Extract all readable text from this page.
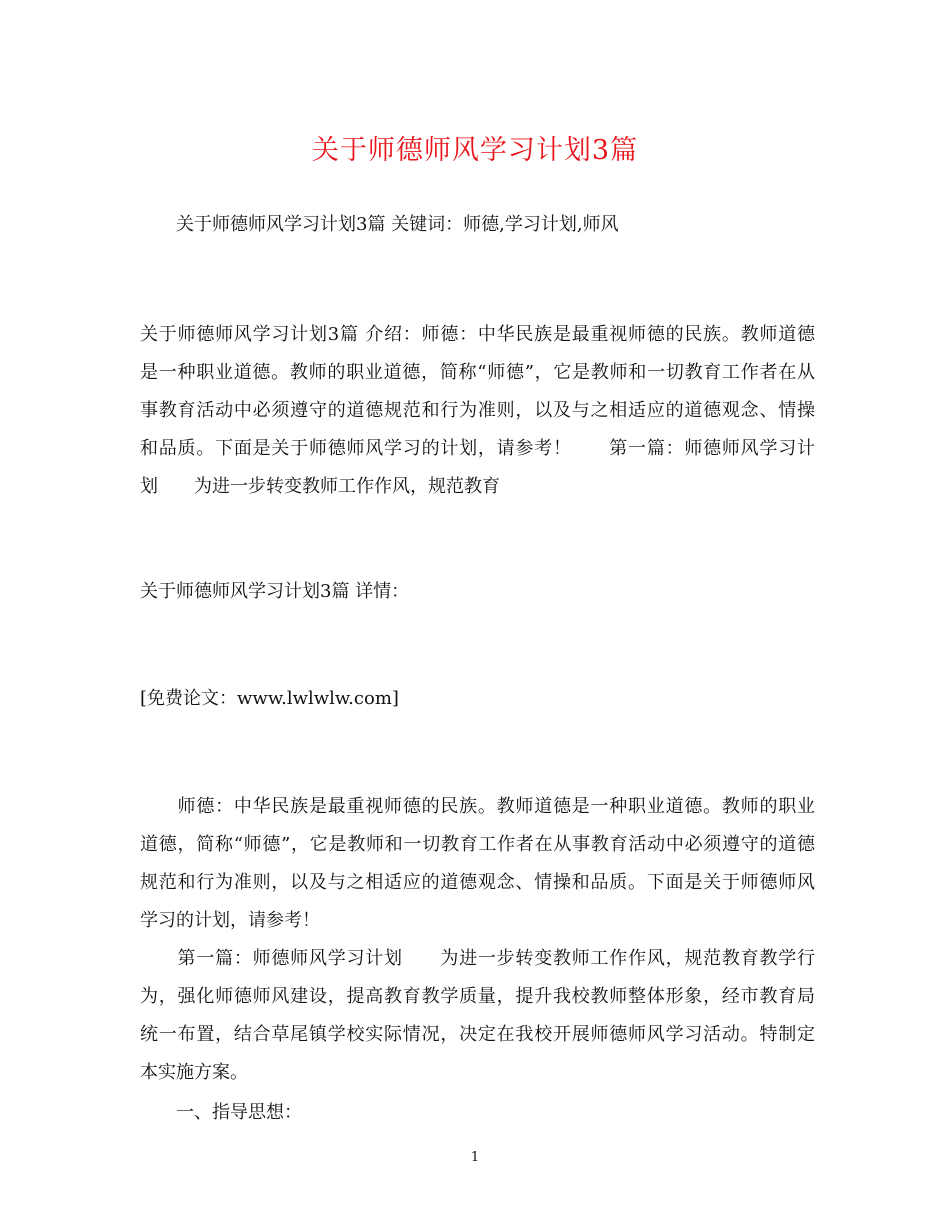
关于师德师风学习计划3篇
关于师德师风学习计划3篇 关键词：师德,学习计划,师风
关于师德师风学习计划3篇 介绍：师德：中华民族是最重视师德的民族。教师道德
是一种职业道德。教师的职业道德，简称“师德”，它是教师和一切教育工作者在从
事教育活动中必须遵守的道德规范和行为准则，以及与之相适应的道德观念、情操
和品质。下面是关于师德师风学习的计划，请参考！　　第一篇：师德师风学习计
划　　为进一步转变教师工作作风，规范教育
关于师德师风学习计划3篇 详情：
[免费论文：www.lwlwlw.com]
　　师德：中华民族是最重视师德的民族。教师道德是一种职业道德。教师的职业
道德，简称“师德”，它是教师和一切教育工作者在从事教育活动中必须遵守的道德
规范和行为准则，以及与之相适应的道德观念、情操和品质。下面是关于师德师风
学习的计划，请参考！
　　第一篇：师德师风学习计划　　为进一步转变教师工作作风，规范教育教学行
为，强化师德师风建设，提高教育教学质量，提升我校教师整体形象，经市教育局
统一布置，结合草尾镇学校实际情况，决定在我校开展师德师风学习活动。特制定
本实施方案。
　　一、指导思想：
1
